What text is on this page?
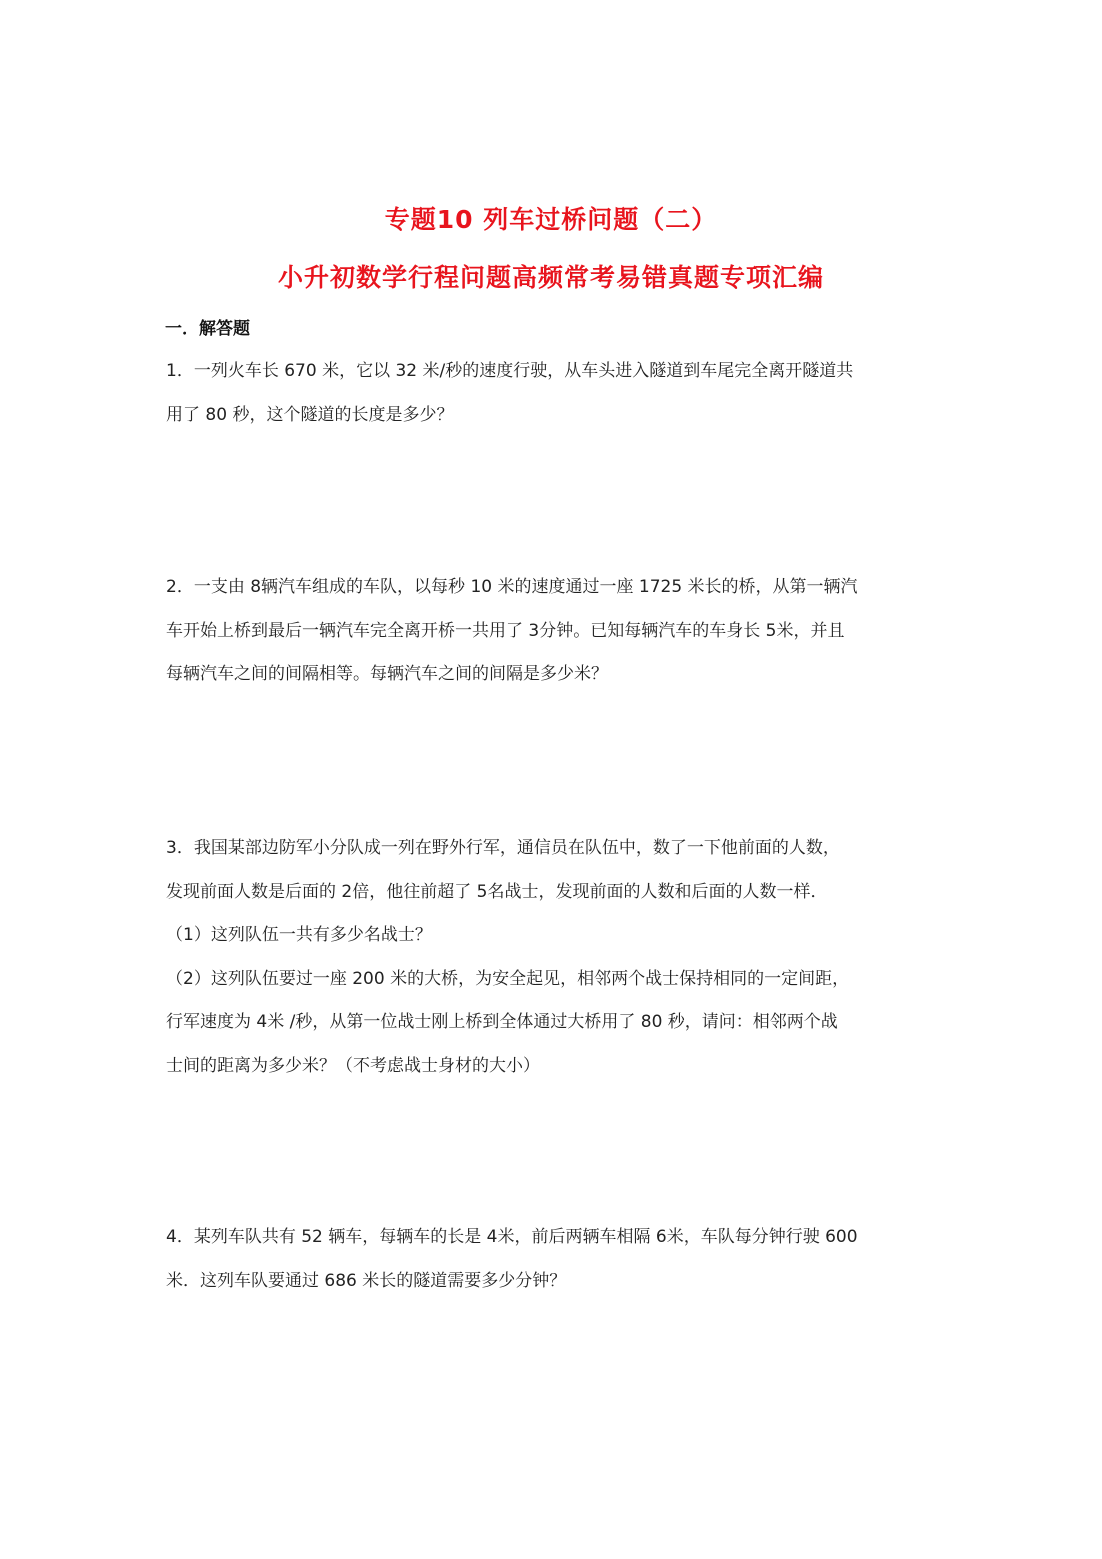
专题10 列车过桥问题（二）
小升初数学行程问题高频常考易错真题专项汇编
一．解答题

1．一列火车长 670 米，它以 32 米/秒的速度行驶，从车头进入隧道到车尾完全离开隧道共

用了 80 秒，这个隧道的长度是多少？

2．一支由 8辆汽车组成的车队，以每秒 10 米的速度通过一座 1725 米长的桥，从第一辆汽

车开始上桥到最后一辆汽车完全离开桥一共用了 3分钟。已知每辆汽车的车身长 5米，并且

每辆汽车之间的间隔相等。每辆汽车之间的间隔是多少米？

3．我国某部边防军小分队成一列在野外行军，通信员在队伍中，数了一下他前面的人数，

发现前面人数是后面的 2倍，他往前超了 5名战士，发现前面的人数和后面的人数一样．

（1）这列队伍一共有多少名战士？

（2）这列队伍要过一座 200 米的大桥，为安全起见，相邻两个战士保持相同的一定间距，

行军速度为 4米 /秒，从第一位战士刚上桥到全体通过大桥用了 80 秒，请问：相邻两个战

士间的距离为多少米？（不考虑战士身材的大小）

4．某列车队共有 52 辆车，每辆车的长是 4米，前后两辆车相隔 6米，车队每分钟行驶 600

米．这列车队要通过 686 米长的隧道需要多少分钟？
